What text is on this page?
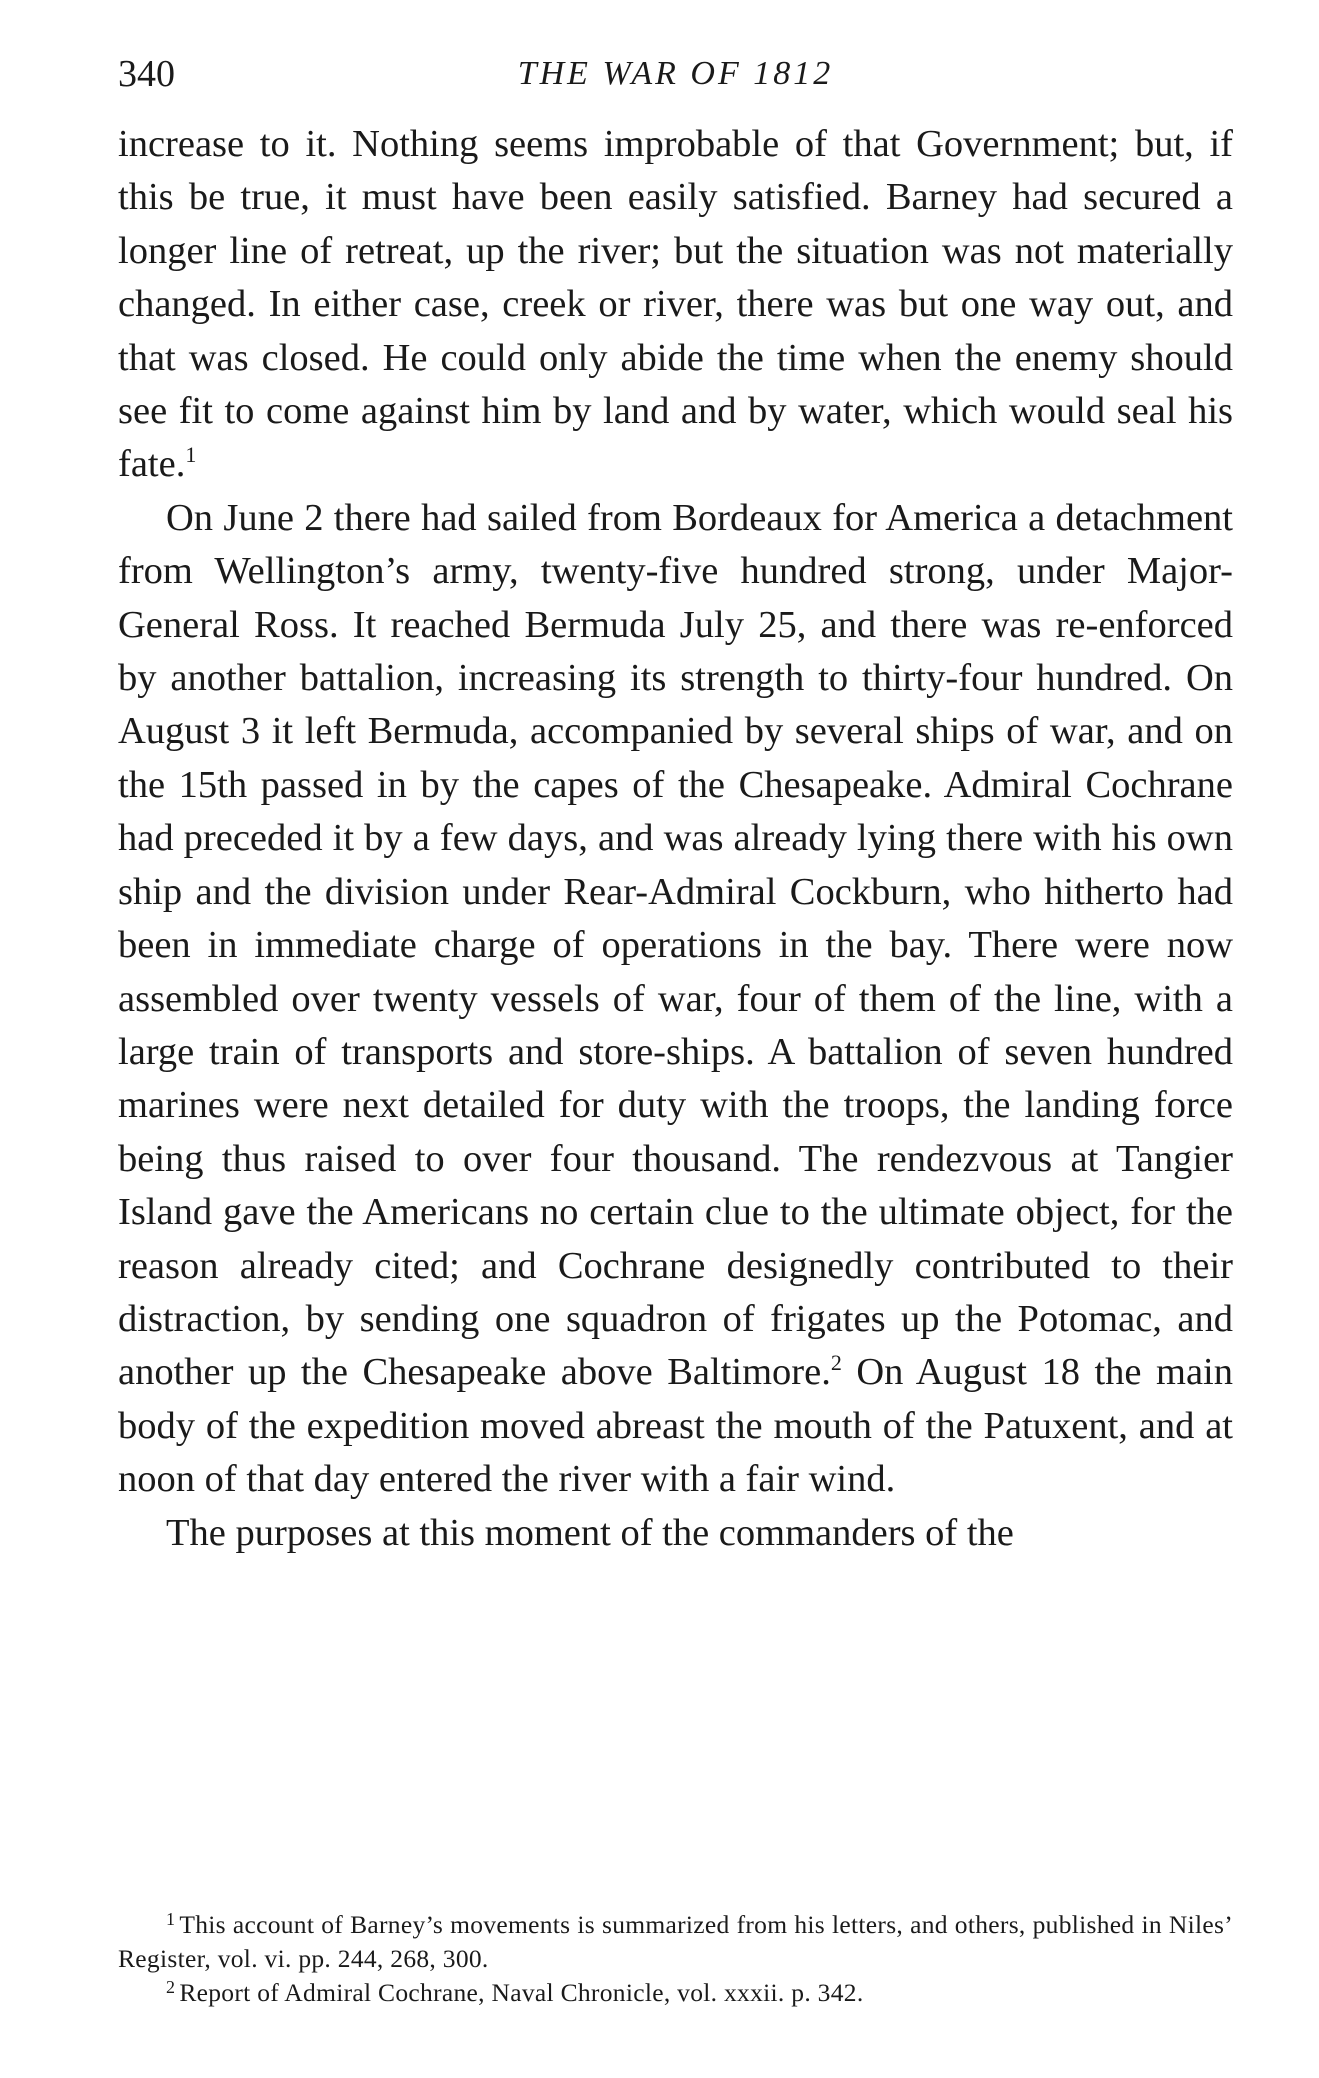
340	THE WAR OF 1812

increase to it. Nothing seems improbable of that Government; but, if this be true, it must have been easily satisfied. Barney had secured a longer line of retreat, up the river; but the situation was not materially changed. In either case, creek or river, there was but one way out, and that was closed. He could only abide the time when the enemy should see fit to come against him by land and by water, which would seal his fate.$^1$

On June 2 there had sailed from Bordeaux for America a detachment from Wellington’s army, twenty-five hundred strong, under Major-General Ross. It reached Bermuda July 25, and there was re-enforced by another battalion, increasing its strength to thirty-four hundred. On August 3 it left Bermuda, accompanied by several ships of war, and on the 15th passed in by the capes of the Chesapeake. Admiral Cochrane had preceded it by a few days, and was already lying there with his own ship and the division under Rear-Admiral Cockburn, who hitherto had been in immediate charge of operations in the bay. There were now assembled over twenty vessels of war, four of them of the line, with a large train of transports and store-ships. A battalion of seven hundred marines were next detailed for duty with the troops, the landing force being thus raised to over four thousand. The rendezvous at Tangier Island gave the Americans no certain clue to the ultimate object, for the reason already cited; and Cochrane designedly contributed to their distraction, by sending one squadron of frigates up the Potomac, and another up the Chesapeake above Baltimore.$^2$ On August 18 the main body of the expedition moved abreast the mouth of the Patuxent, and at noon of that day entered the river with a fair wind.

The purposes at this moment of the commanders of the

$^1$ This account of Barney’s movements is summarized from his letters, and others, published in Niles’ Register, vol. vi. pp. 244, 268, 300.

$^2$ Report of Admiral Cochrane, Naval Chronicle, vol. xxxii. p. 342.
